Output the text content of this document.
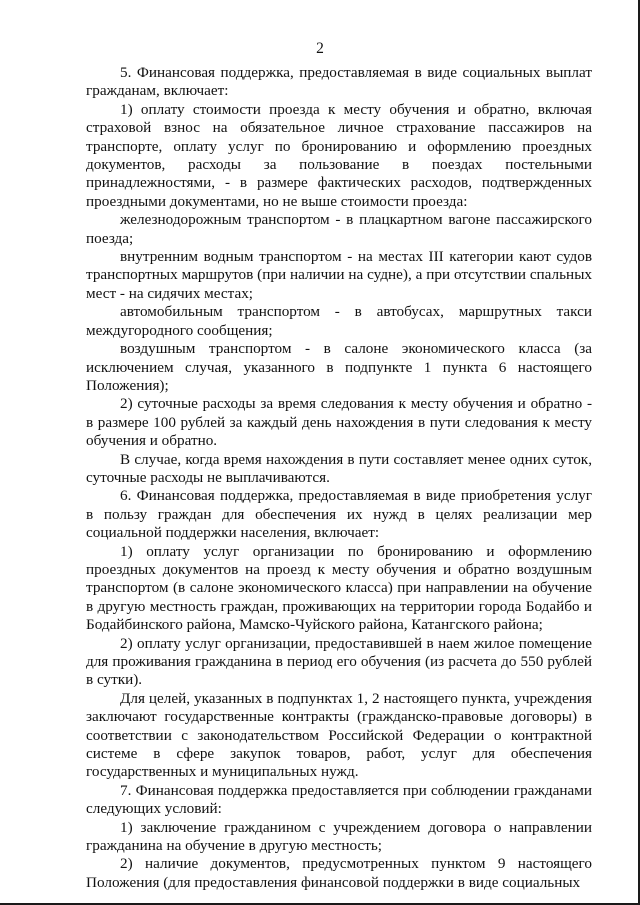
2

5. Финансовая поддержка, предоставляемая в виде социальных выплат гражданам, включает:

1) оплату стоимости проезда к месту обучения и обратно, включая страховой взнос на обязательное личное страхование пассажиров на транспорте, оплату услуг по бронированию и оформлению проездных документов, расходы за пользование в поездах постельными принадлежностями, - в размере фактических расходов, подтвержденных проездными документами, но не выше стоимости проезда:

железнодорожным транспортом - в плацкартном вагоне пассажирского поезда;

внутренним водным транспортом - на местах III категории кают судов транспортных маршрутов (при наличии на судне), а при отсутствии спальных мест - на сидячих местах;

автомобильным транспортом - в автобусах, маршрутных такси междугородного сообщения;

воздушным транспортом - в салоне экономического класса (за исключением случая, указанного в подпункте 1 пункта 6 настоящего Положения);

2) суточные расходы за время следования к месту обучения и обратно - в размере 100 рублей за каждый день нахождения в пути следования к месту обучения и обратно.

В случае, когда время нахождения в пути составляет менее одних суток, суточные расходы не выплачиваются.

6. Финансовая поддержка, предоставляемая в виде приобретения услуг в пользу граждан для обеспечения их нужд в целях реализации мер социальной поддержки населения, включает:

1) оплату услуг организации по бронированию и оформлению проездных документов на проезд к месту обучения и обратно воздушным транспортом (в салоне экономического класса) при направлении на обучение в другую местность граждан, проживающих на территории города Бодайбо и Бодайбинского района, Мамско-Чуйского района, Катангского района;

2) оплату услуг организации, предоставившей в наем жилое помещение для проживания гражданина в период его обучения (из расчета до 550 рублей в сутки).

Для целей, указанных в подпунктах 1, 2 настоящего пункта, учреждения заключают государственные контракты (гражданско-правовые договоры) в соответствии с законодательством Российской Федерации о контрактной системе в сфере закупок товаров, работ, услуг для обеспечения государственных и муниципальных нужд.

7. Финансовая поддержка предоставляется при соблюдении гражданами следующих условий:

1) заключение гражданином с учреждением договора о направлении гражданина на обучение в другую местность;

2) наличие документов, предусмотренных пунктом 9 настоящего Положения (для предоставления финансовой поддержки в виде социальных
